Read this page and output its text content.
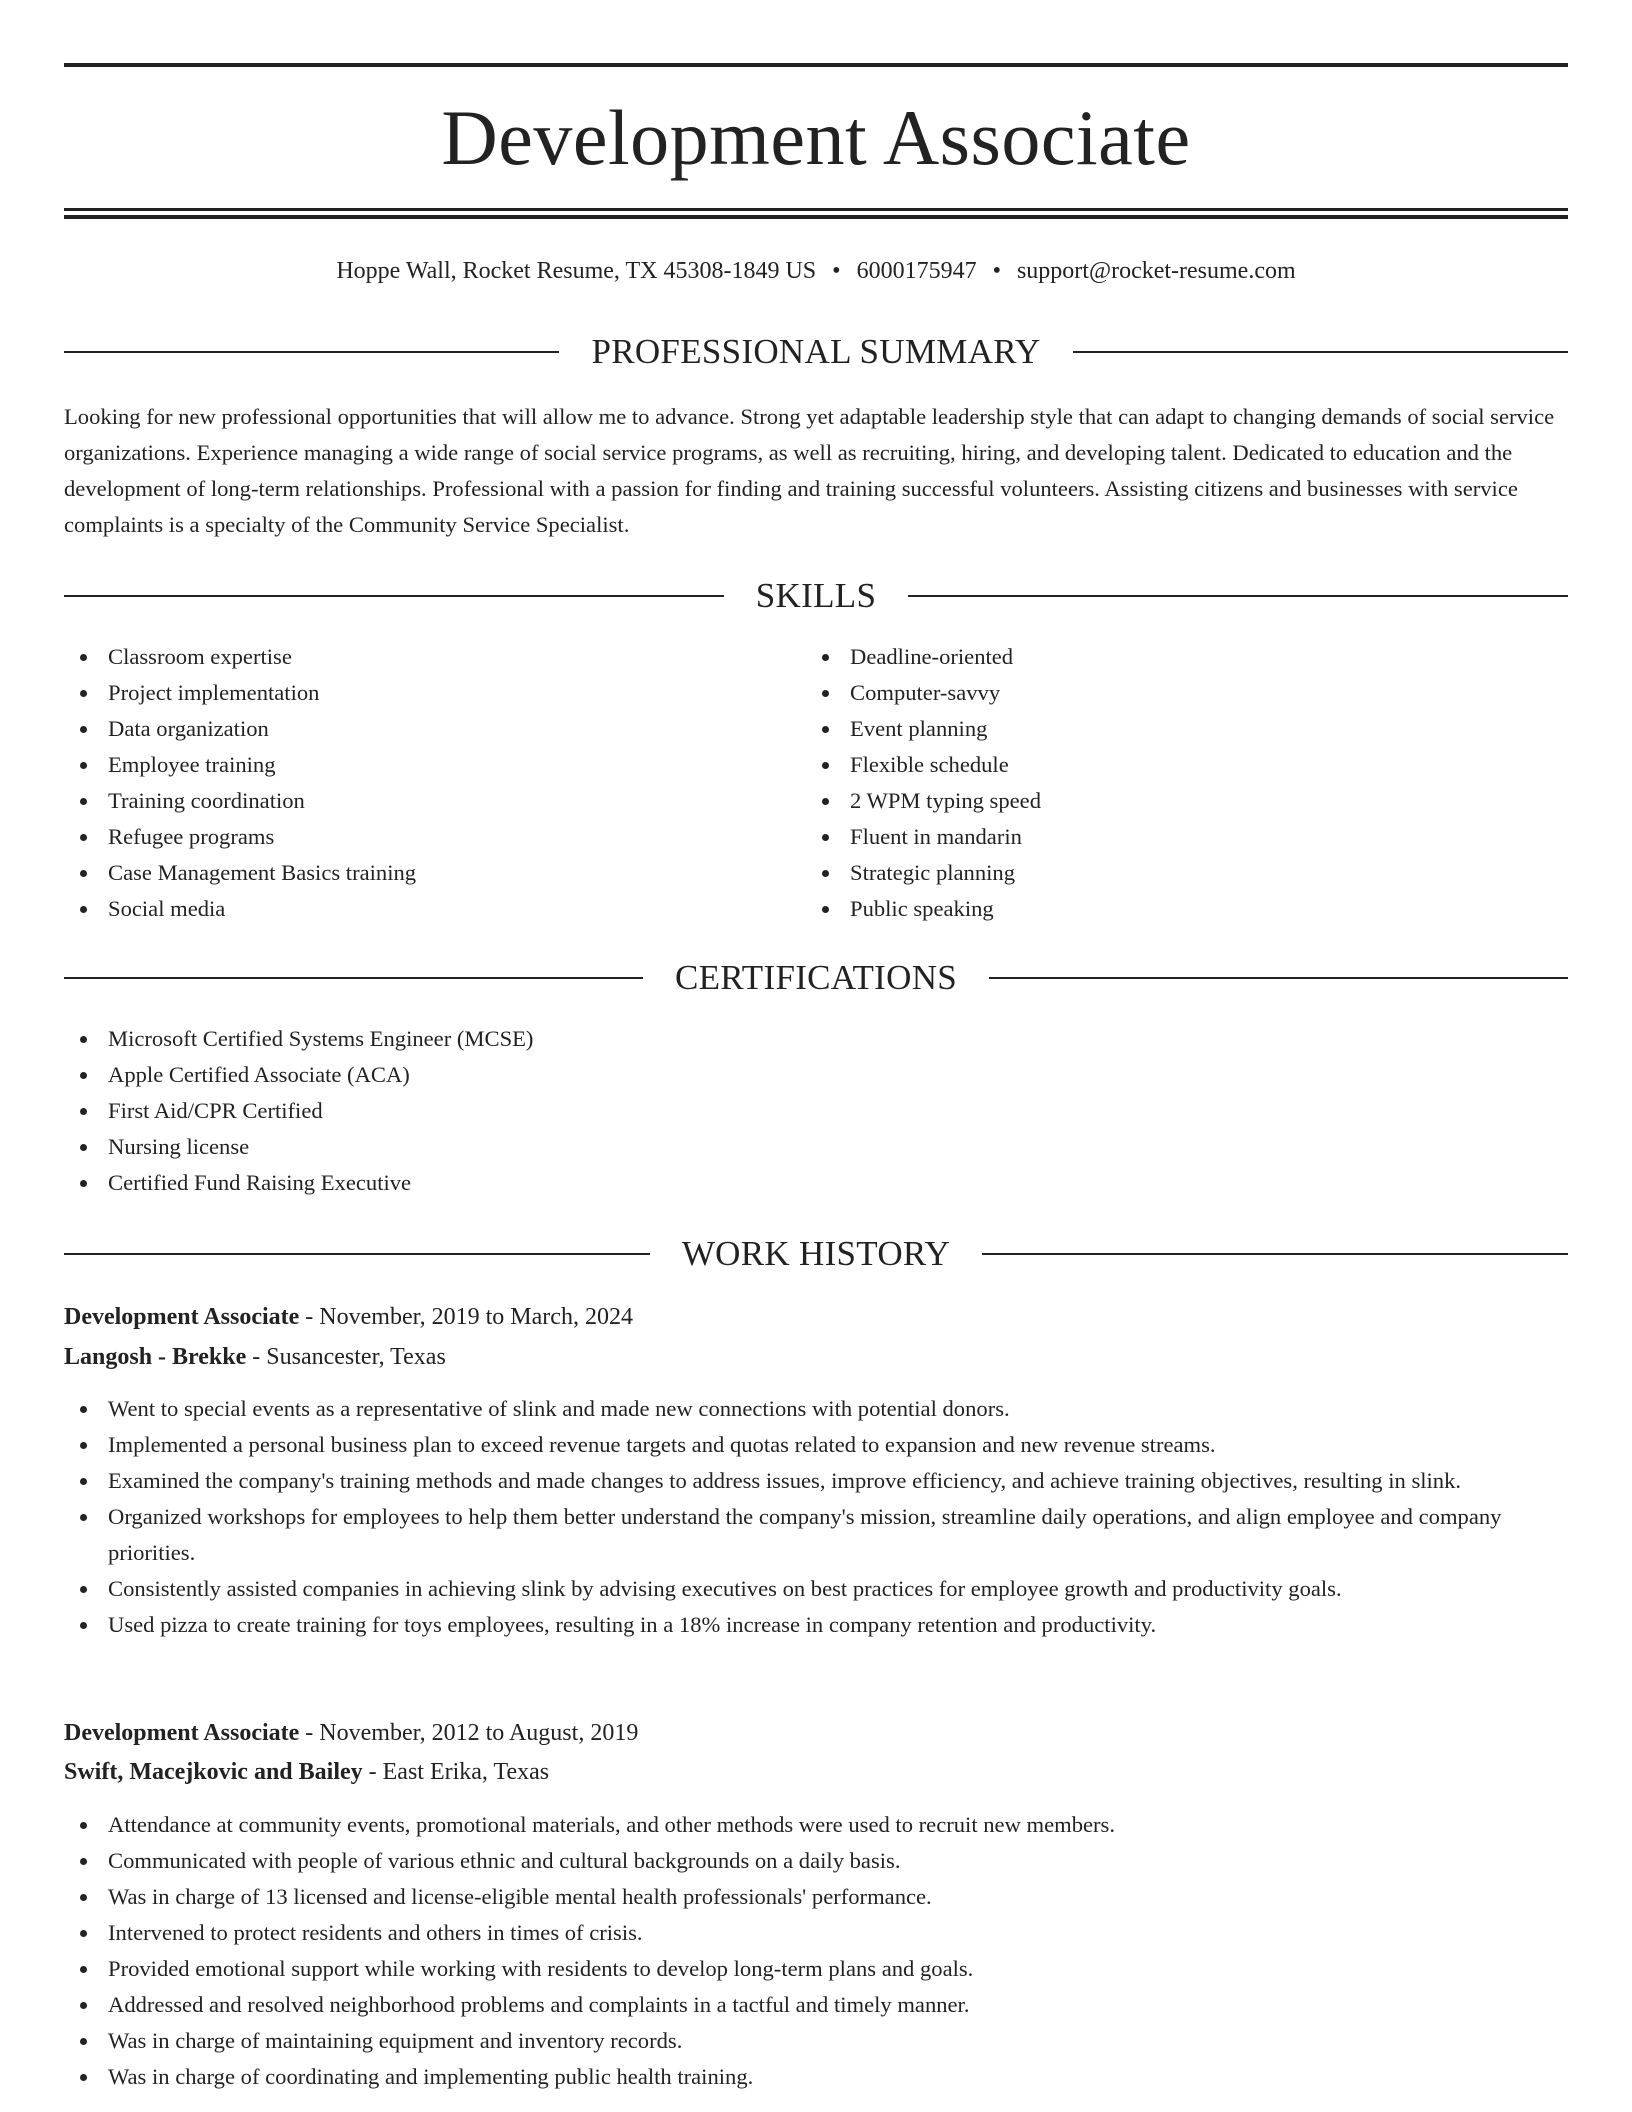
Development Associate
Hoppe Wall, Rocket Resume, TX 45308-1849 US • 6000175947 • support@rocket-resume.com
PROFESSIONAL SUMMARY
Looking for new professional opportunities that will allow me to advance. Strong yet adaptable leadership style that can adapt to changing demands of social service organizations. Experience managing a wide range of social service programs, as well as recruiting, hiring, and developing talent. Dedicated to education and the development of long-term relationships. Professional with a passion for finding and training successful volunteers. Assisting citizens and businesses with service complaints is a specialty of the Community Service Specialist.
SKILLS
Classroom expertise
Project implementation
Data organization
Employee training
Training coordination
Refugee programs
Case Management Basics training
Social media
Deadline-oriented
Computer-savvy
Event planning
Flexible schedule
2 WPM typing speed
Fluent in mandarin
Strategic planning
Public speaking
CERTIFICATIONS
Microsoft Certified Systems Engineer (MCSE)
Apple Certified Associate (ACA)
First Aid/CPR Certified
Nursing license
Certified Fund Raising Executive
WORK HISTORY
Development Associate - November, 2019 to March, 2024
Langosh - Brekke - Susancester, Texas
Went to special events as a representative of slink and made new connections with potential donors.
Implemented a personal business plan to exceed revenue targets and quotas related to expansion and new revenue streams.
Examined the company's training methods and made changes to address issues, improve efficiency, and achieve training objectives, resulting in slink.
Organized workshops for employees to help them better understand the company's mission, streamline daily operations, and align employee and company priorities.
Consistently assisted companies in achieving slink by advising executives on best practices for employee growth and productivity goals.
Used pizza to create training for toys employees, resulting in a 18% increase in company retention and productivity.
Development Associate - November, 2012 to August, 2019
Swift, Macejkovic and Bailey - East Erika, Texas
Attendance at community events, promotional materials, and other methods were used to recruit new members.
Communicated with people of various ethnic and cultural backgrounds on a daily basis.
Was in charge of 13 licensed and license-eligible mental health professionals' performance.
Intervened to protect residents and others in times of crisis.
Provided emotional support while working with residents to develop long-term plans and goals.
Addressed and resolved neighborhood problems and complaints in a tactful and timely manner.
Was in charge of maintaining equipment and inventory records.
Was in charge of coordinating and implementing public health training.
